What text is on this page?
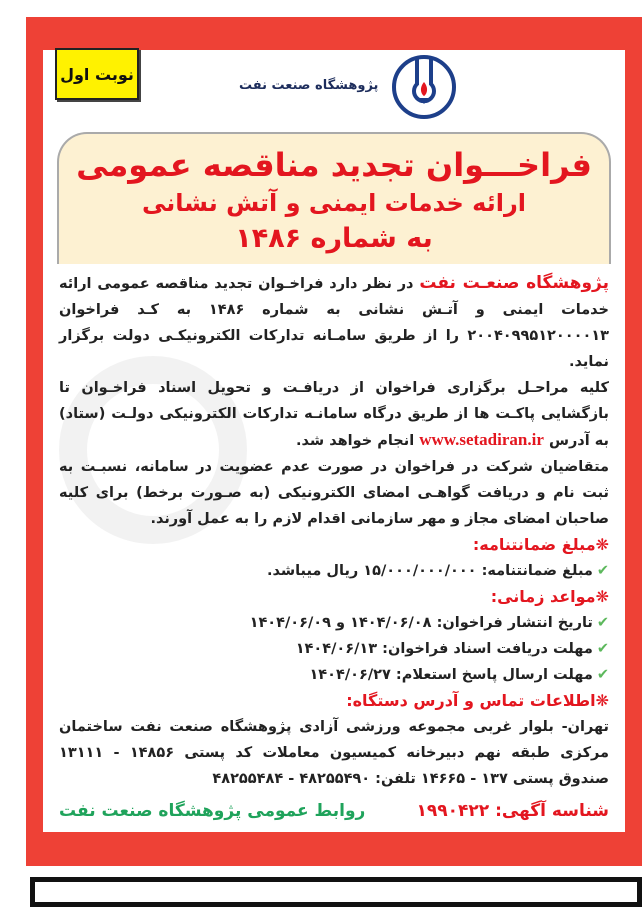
نوبت اول
پژوهشگاه صنعت نفت
فراخـــوان تجدید مناقصه عمومی
ارائه خدمات ایمنی و آتش نشانی
به شماره ۱۴۸۶

پژوهشگاه صنعـت نفت در نظر دارد فراخـوان تجدید مناقصه عمومی ارائه خدمات ایمنی و آتـش نشانی به شماره ۱۴۸۶ به کـد فراخوان ۲۰۰۴۰۹۹۵۱۲۰۰۰۰۱۳ را از طریق سامـانه تدارکات الکترونیکـی دولت برگزار نماید.

کلیه مراحـل برگزاری فراخوان از دریافـت و تحویل اسناد فراخـوان تا بازگشایی پاکـت ها از طریق درگاه سامانـه تدارکات الکترونیکی دولـت (ستاد) به آدرس www.setadiran.ir انجام خواهد شد.

متقاضیان شرکت در فراخوان در صورت عدم عضویت در سامانه، نسبـت به ثبت نام و دریافت گواهـی امضای الکترونیکی (به صـورت برخط) برای کلیه صاحبان امضای مجاز و مهر سازمانی اقدام لازم را به عمل آورند.

❋مبلغ ضمانتنامه:
✔مبلغ ضمانتنامه: ۱۵/۰۰۰/۰۰۰/۰۰۰ ریال میباشد.
❋مواعد زمانی:
✔تاریخ انتشار فراخوان: ۱۴۰۴/۰۶/۰۸ و ۱۴۰۴/۰۶/۰۹
✔مهلت دریافت اسناد فراخوان: ۱۴۰۴/۰۶/۱۳
✔مهلت ارسال پاسخ استعلام: ۱۴۰۴/۰۶/۲۷
❋اطلاعات تماس و آدرس دستگاه:

تهران- بلوار غربی مجموعه ورزشی آزادی پژوهشگاه صنعت نفت ساختمان مرکزی طبقه نهم دبیرخانه کمیسیون معاملات کد پستی ۱۴۸۵۶ - ۱۳۱۱۱ صندوق پستی ۱۳۷ - ۱۴۶۶۵ تلفن: ۴۸۲۵۵۴۹۰ - ۴۸۲۵۵۴۸۴

شناسه آگهی: ۱۹۹۰۴۲۲
روابط عمومی پژوهشگاه صنعت نفت
